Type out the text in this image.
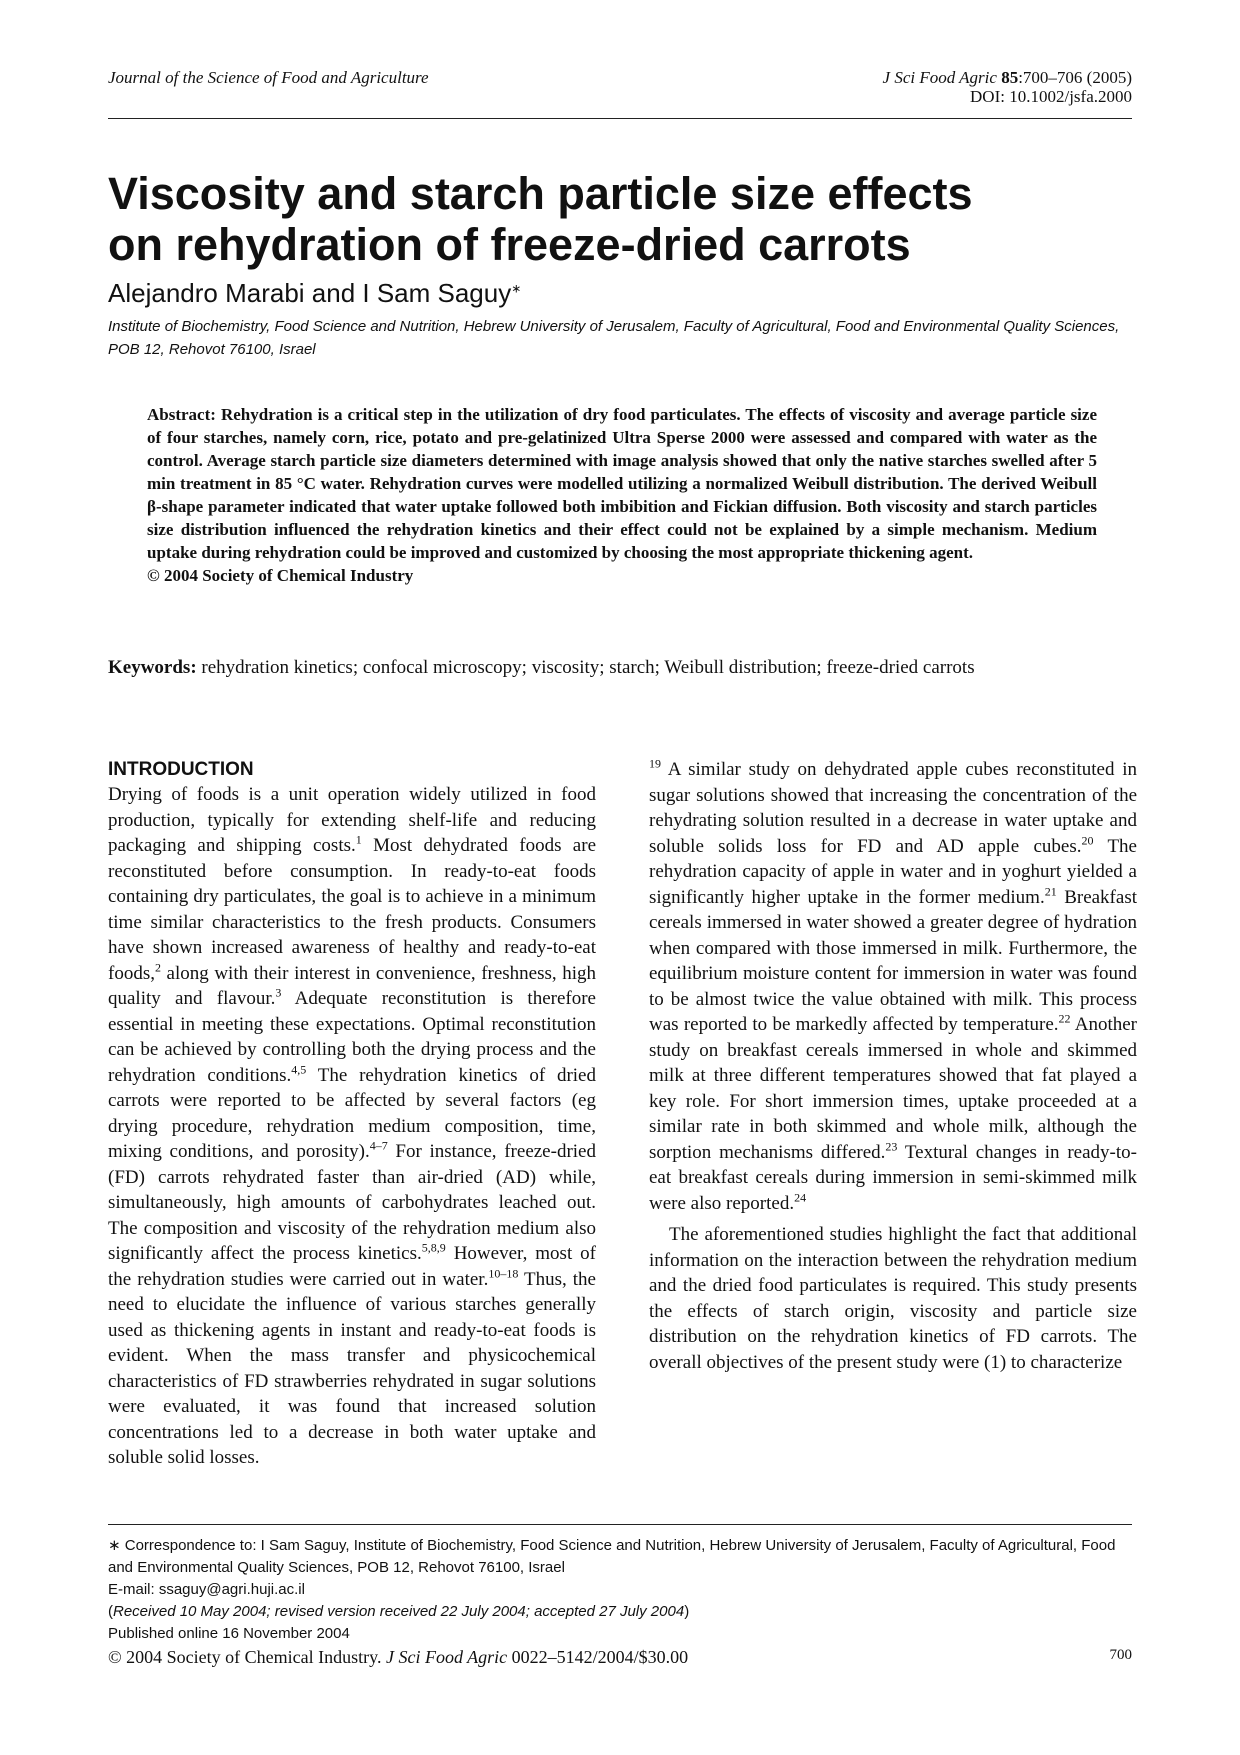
Journal of the Science of Food and Agriculture	J Sci Food Agric 85:700–706 (2005)
DOI: 10.1002/jsfa.2000
Viscosity and starch particle size effects
on rehydration of freeze-dried carrots
Alejandro Marabi and I Sam Saguy∗
Institute of Biochemistry, Food Science and Nutrition, Hebrew University of Jerusalem, Faculty of Agricultural, Food and Environmental Quality Sciences, POB 12, Rehovot 76100, Israel
Abstract: Rehydration is a critical step in the utilization of dry food particulates. The effects of viscosity and average particle size of four starches, namely corn, rice, potato and pre-gelatinized Ultra Sperse 2000 were assessed and compared with water as the control. Average starch particle size diameters determined with image analysis showed that only the native starches swelled after 5 min treatment in 85 °C water. Rehydration curves were modelled utilizing a normalized Weibull distribution. The derived Weibull β-shape parameter indicated that water uptake followed both imbibition and Fickian diffusion. Both viscosity and starch particles size distribution influenced the rehydration kinetics and their effect could not be explained by a simple mechanism. Medium uptake during rehydration could be improved and customized by choosing the most appropriate thickening agent.
© 2004 Society of Chemical Industry
Keywords: rehydration kinetics; confocal microscopy; viscosity; starch; Weibull distribution; freeze-dried carrots
INTRODUCTION

Drying of foods is a unit operation widely utilized in food production, typically for extending shelf-life and reducing packaging and shipping costs.$^1$ Most dehydrated foods are reconstituted before consumption. In ready-to-eat foods containing dry particulates, the goal is to achieve in a minimum time similar characteristics to the fresh products. Consumers have shown increased awareness of healthy and ready-to-eat foods,$^2$ along with their interest in convenience, freshness, high quality and flavour.$^3$ Adequate reconstitution is therefore essential in meeting these expectations. Optimal reconstitution can be achieved by controlling both the drying process and the rehydration conditions.$^{4,5}$ The rehydration kinetics of dried carrots were reported to be affected by several factors (eg drying procedure, rehydration medium composition, time, mixing conditions, and porosity).$^{4-7}$ For instance, freeze-dried (FD) carrots rehydrated faster than air-dried (AD) while, simultaneously, high amounts of carbohydrates leached out. The composition and viscosity of the rehydration medium also significantly affect the process kinetics.$^{5,8,9}$ However, most of the rehydration studies were carried out in water.$^{10-18}$ Thus, the need to elucidate the influence of various starches generally used as thickening agents in instant and ready-to-eat foods is evident. When the mass transfer and physicochemical characteristics of FD strawberries rehydrated in sugar solutions were evaluated, it was found that increased solution concentrations led to a decrease in both water uptake and soluble solid losses.

$^{19}$ A similar study on dehydrated apple cubes reconstituted in sugar solutions showed that increasing the concentration of the rehydrating solution resulted in a decrease in water uptake and soluble solids loss for FD and AD apple cubes.$^{20}$ The rehydration capacity of apple in water and in yoghurt yielded a significantly higher uptake in the former medium.$^{21}$ Breakfast cereals immersed in water showed a greater degree of hydration when compared with those immersed in milk. Furthermore, the equilibrium moisture content for immersion in water was found to be almost twice the value obtained with milk. This process was reported to be markedly affected by temperature.$^{22}$ Another study on breakfast cereals immersed in whole and skimmed milk at three different temperatures showed that fat played a key role. For short immersion times, uptake proceeded at a similar rate in both skimmed and whole milk, although the sorption mechanisms differed.$^{23}$ Textural changes in ready-to-eat breakfast cereals during immersion in semi-skimmed milk were also reported.$^{24}$

The aforementioned studies highlight the fact that additional information on the interaction between the rehydration medium and the dried food particulates is required. This study presents the effects of starch origin, viscosity and particle size distribution on the rehydration kinetics of FD carrots. The overall objectives of the present study were (1) to characterize

∗ Correspondence to: I Sam Saguy, Institute of Biochemistry, Food Science and Nutrition, Hebrew University of Jerusalem, Faculty of Agricultural, Food and Environmental Quality Sciences, POB 12, Rehovot 76100, Israel
E-mail: ssaguy@agri.huji.ac.il
(Received 10 May 2004; revised version received 22 July 2004; accepted 27 July 2004)
Published online 16 November 2004
© 2004 Society of Chemical Industry. J Sci Food Agric 0022–5142/2004/$30.00	700
